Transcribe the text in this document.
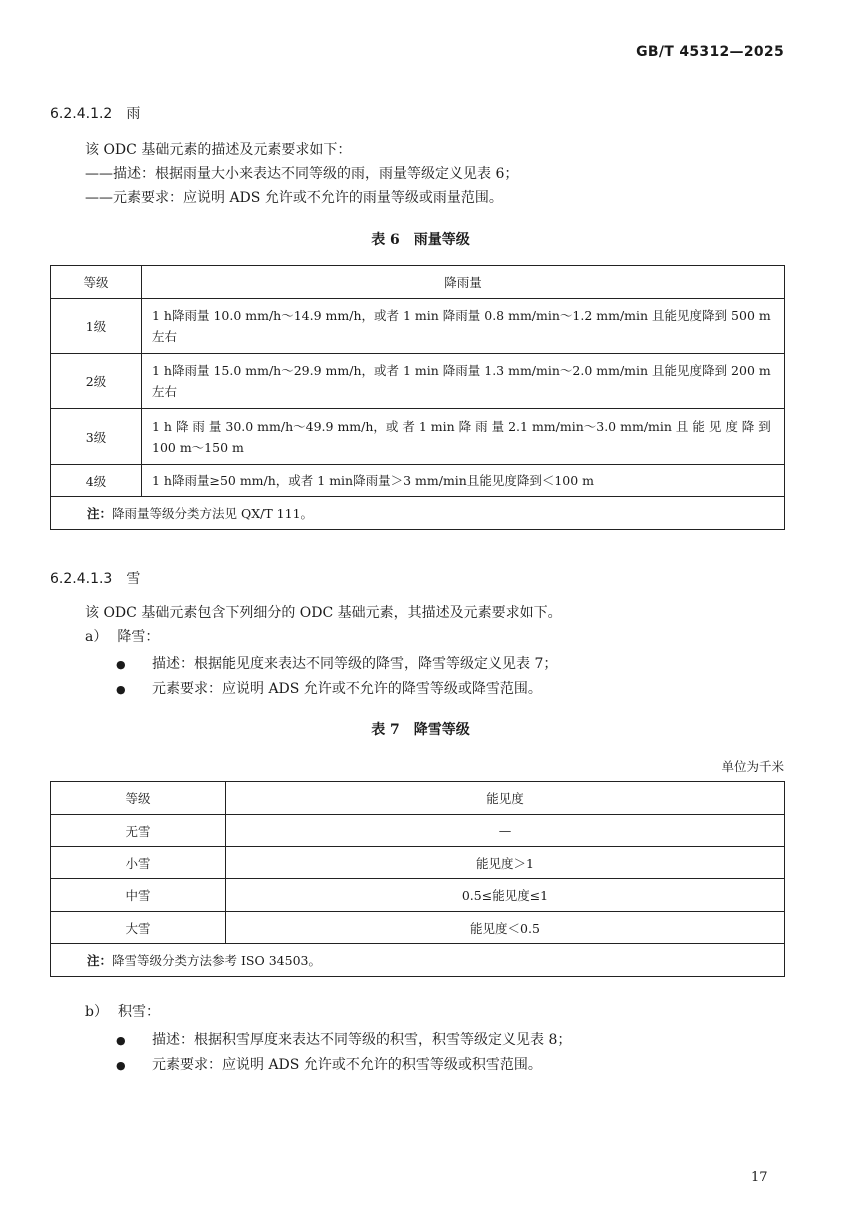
GB/T 45312—2025
6.2.4.1.2 雨
该 ODC 基础元素的描述及元素要求如下：
——描述：根据雨量大小来表达不同等级的雨，雨量等级定义见表 6；
——元素要求：应说明 ADS 允许或不允许的雨量等级或雨量范围。
表 6　雨量等级
等级	降雨量
1级	1 h降雨量 10.0 mm/h～14.9 mm/h，或者 1 min 降雨量 0.8 mm/min～1.2 mm/min 且能见度降到 500 m 左右
2级	1 h降雨量 15.0 mm/h～29.9 mm/h，或者 1 min 降雨量 1.3 mm/min～2.0 mm/min 且能见度降到 200 m 左右
3级	1 h 降 雨 量 30.0 mm/h～49.9 mm/h，或 者 1 min 降 雨 量 2.1 mm/min～3.0 mm/min 且 能 见 度 降 到 100 m～150 m
4级	1 h降雨量≥50 mm/h，或者 1 min降雨量＞3 mm/min且能见度降到＜100 m
注：降雨量等级分类方法见 QX/T 111。	
6.2.4.1.3 雪
该 ODC 基础元素包含下列细分的 ODC 基础元素，其描述及元素要求如下。
a） 降雪：
● 描述：根据能见度来表达不同等级的降雪，降雪等级定义见表 7；
● 元素要求：应说明 ADS 允许或不允许的降雪等级或降雪范围。
表 7　降雪等级
单位为千米
等级	能见度
无雪	—
小雪	能见度＞1
中雪	0.5≤能见度≤1
大雪	能见度＜0.5
注：降雪等级分类方法参考 ISO 34503。	
b） 积雪：
● 描述：根据积雪厚度来表达不同等级的积雪，积雪等级定义见表 8；
● 元素要求：应说明 ADS 允许或不允许的积雪等级或积雪范围。
17
